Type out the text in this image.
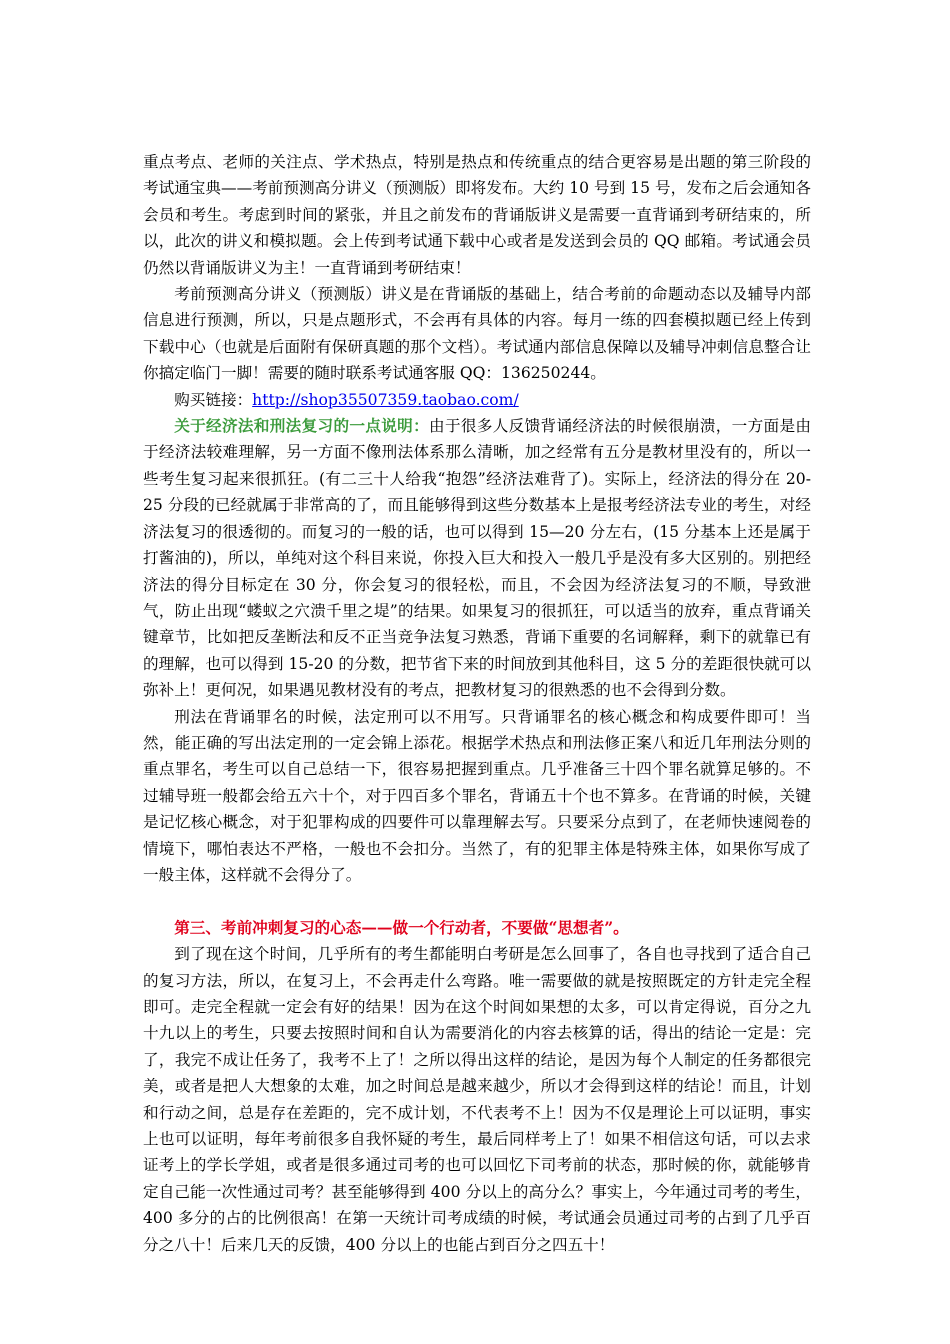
重点考点、老师的关注点、学术热点，特别是热点和传统重点的结合更容易是出题的第三阶段的考试通宝典——考前预测高分讲义（预测版）即将发布。大约 10 号到 15 号，发布之后会通知各会员和考生。考虑到时间的紧张，并且之前发布的背诵版讲义是需要一直背诵到考研结束的，所以，此次的讲义和模拟题。会上传到考试通下载中心或者是发送到会员的 QQ 邮箱。考试通会员仍然以背诵版讲义为主！一直背诵到考研结束！

考前预测高分讲义（预测版）讲义是在背诵版的基础上，结合考前的命题动态以及辅导内部信息进行预测，所以，只是点题形式，不会再有具体的内容。每月一练的四套模拟题已经上传到下载中心（也就是后面附有保研真题的那个文档）。考试通内部信息保障以及辅导冲刺信息整合让你搞定临门一脚！需要的随时联系考试通客服 QQ：136250244。

购买链接：http://shop35507359.taobao.com/

关于经济法和刑法复习的一点说明：由于很多人反馈背诵经济法的时候很崩溃，一方面是由于经济法较难理解，另一方面不像刑法体系那么清晰，加之经常有五分是教材里没有的，所以一些考生复习起来很抓狂。(有二三十人给我“抱怨”经济法难背了)。实际上，经济法的得分在 20-25 分段的已经就属于非常高的了，而且能够得到这些分数基本上是报考经济法专业的考生，对经济法复习的很透彻的。而复习的一般的话，也可以得到 15—20 分左右，(15 分基本上还是属于打酱油的)，所以，单纯对这个科目来说，你投入巨大和投入一般几乎是没有多大区别的。别把经济法的得分目标定在 30 分，你会复习的很轻松，而且，不会因为经济法复习的不顺，导致泄气，防止出现“蝼蚁之穴溃千里之堤”的结果。如果复习的很抓狂，可以适当的放弃，重点背诵关键章节，比如把反垄断法和反不正当竞争法复习熟悉，背诵下重要的名词解释，剩下的就靠已有的理解，也可以得到 15-20 的分数，把节省下来的时间放到其他科目，这 5 分的差距很快就可以弥补上！更何况，如果遇见教材没有的考点，把教材复习的很熟悉的也不会得到分数。

刑法在背诵罪名的时候，法定刑可以不用写。只背诵罪名的核心概念和构成要件即可！当然，能正确的写出法定刑的一定会锦上添花。根据学术热点和刑法修正案八和近几年刑法分则的重点罪名，考生可以自己总结一下，很容易把握到重点。几乎准备三十四个罪名就算足够的。不过辅导班一般都会给五六十个，对于四百多个罪名，背诵五十个也不算多。在背诵的时候，关键是记忆核心概念，对于犯罪构成的四要件可以靠理解去写。只要采分点到了，在老师快速阅卷的情境下，哪怕表达不严格，一般也不会扣分。当然了，有的犯罪主体是特殊主体，如果你写成了一般主体，这样就不会得分了。

第三、考前冲刺复习的心态——做一个行动者，不要做“思想者”。

到了现在这个时间，几乎所有的考生都能明白考研是怎么回事了，各自也寻找到了适合自己的复习方法，所以，在复习上，不会再走什么弯路。唯一需要做的就是按照既定的方针走完全程即可。走完全程就一定会有好的结果！因为在这个时间如果想的太多，可以肯定得说，百分之九十九以上的考生，只要去按照时间和自认为需要消化的内容去核算的话，得出的结论一定是：完了，我完不成让任务了，我考不上了！之所以得出这样的结论，是因为每个人制定的任务都很完美，或者是把人大想象的太难，加之时间总是越来越少，所以才会得到这样的结论！而且，计划和行动之间，总是存在差距的，完不成计划，不代表考不上！因为不仅是理论上可以证明，事实上也可以证明，每年考前很多自我怀疑的考生，最后同样考上了！如果不相信这句话，可以去求证考上的学长学姐，或者是很多通过司考的也可以回忆下司考前的状态，那时候的你，就能够肯定自己能一次性通过司考？甚至能够得到 400 分以上的高分么？事实上，今年通过司考的考生，400 多分的占的比例很高！在第一天统计司考成绩的时候，考试通会员通过司考的占到了几乎百分之八十！后来几天的反馈，400 分以上的也能占到百分之四五十！
